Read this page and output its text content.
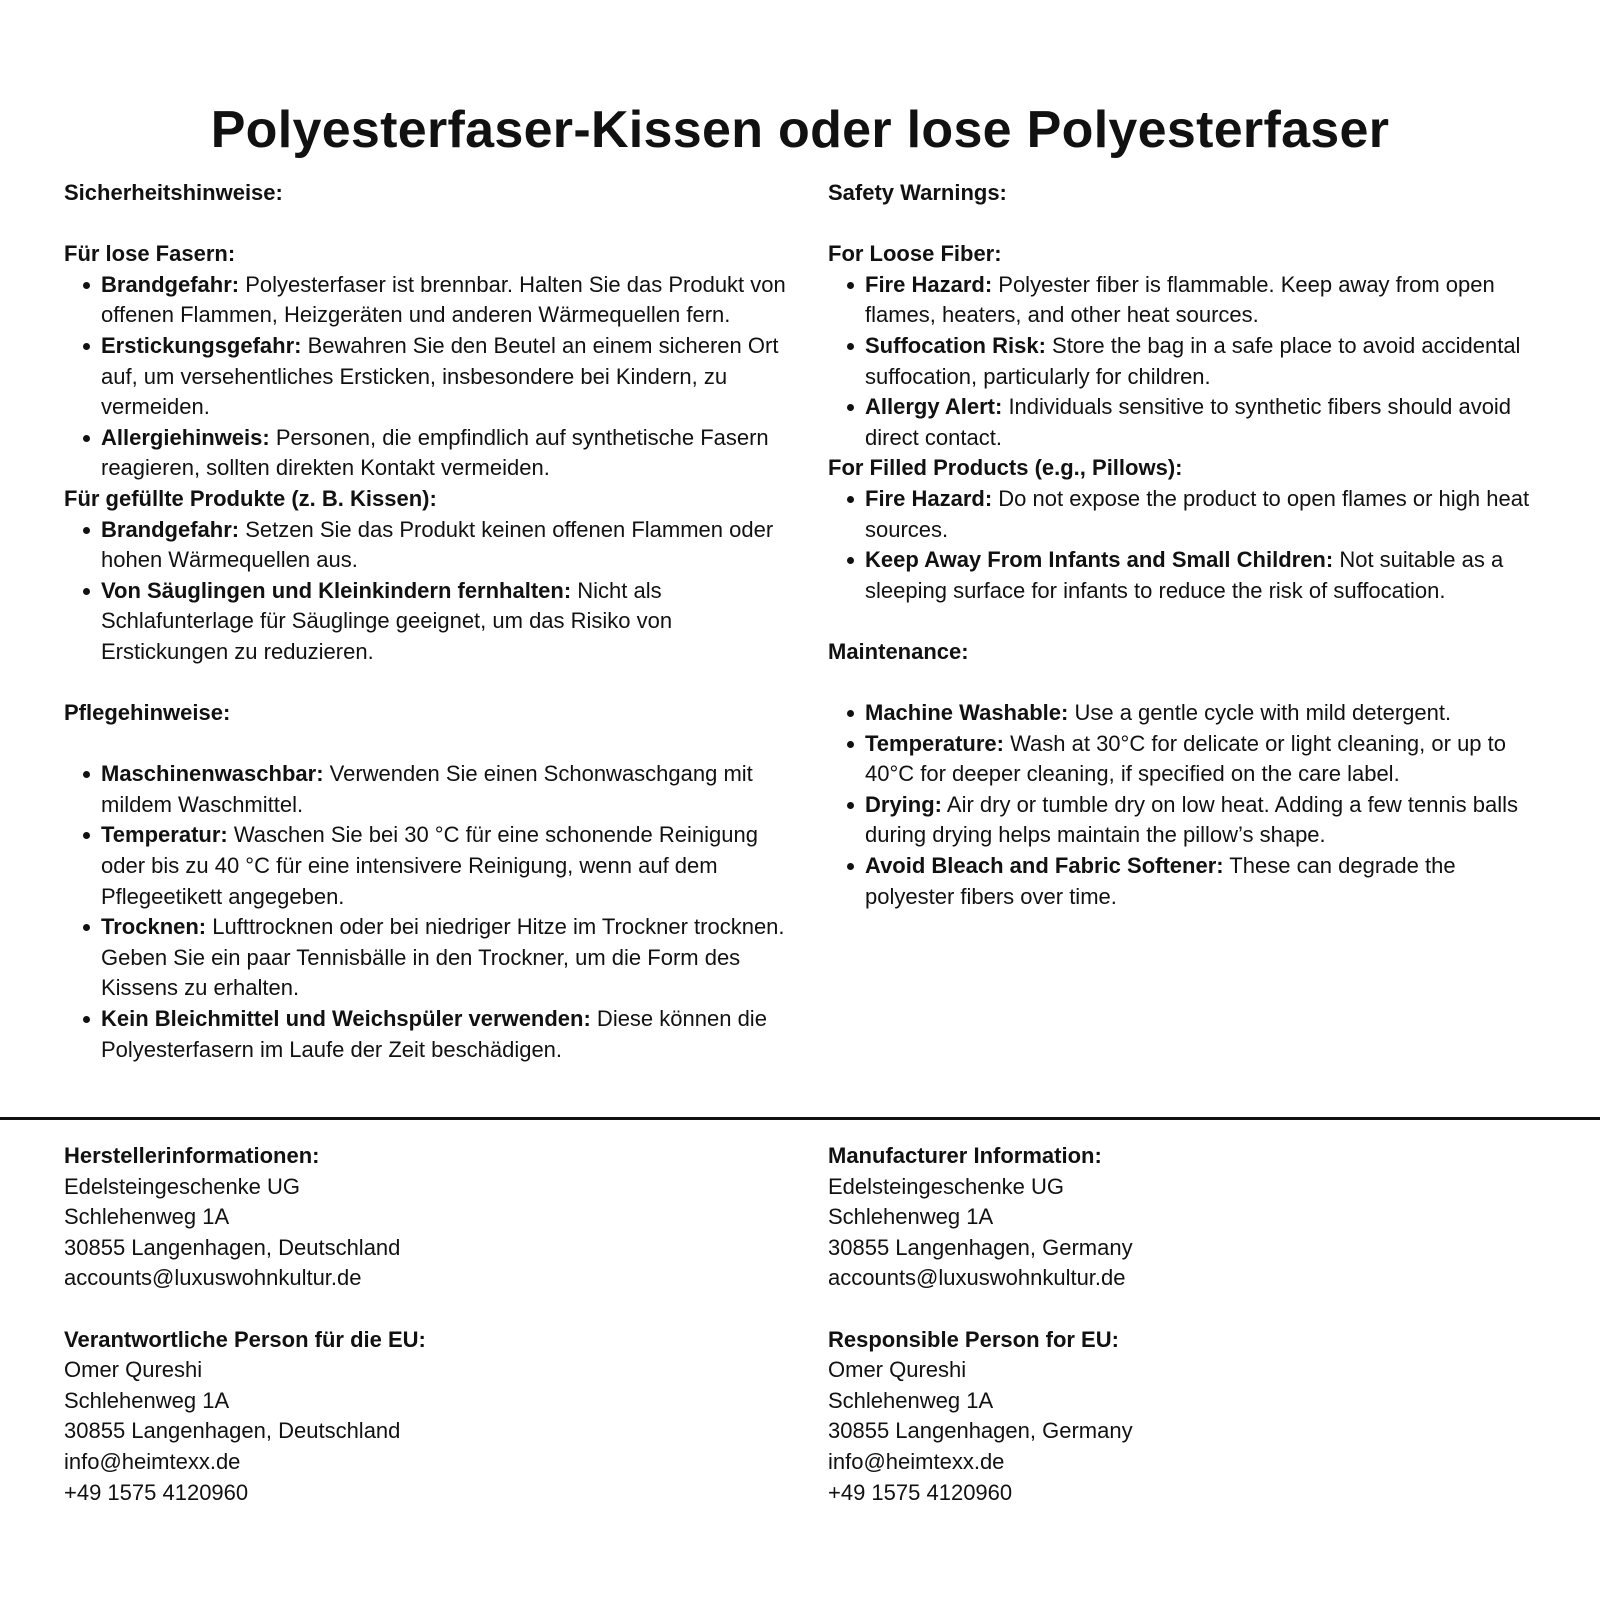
Polyesterfaser-Kissen oder lose Polyesterfaser
Sicherheitshinweise:
Für lose Fasern:
Brandgefahr: Polyesterfaser ist brennbar. Halten Sie das Produkt von offenen Flammen, Heizgeräten und anderen Wärmequellen fern.
Erstickungsgefahr: Bewahren Sie den Beutel an einem sicheren Ort auf, um versehentliches Ersticken, insbesondere bei Kindern, zu vermeiden.
Allergiehinweis: Personen, die empfindlich auf synthetische Fasern reagieren, sollten direkten Kontakt vermeiden.
Für gefüllte Produkte (z. B. Kissen):
Brandgefahr: Setzen Sie das Produkt keinen offenen Flammen oder hohen Wärmequellen aus.
Von Säuglingen und Kleinkindern fernhalten: Nicht als Schlafunterlage für Säuglinge geeignet, um das Risiko von Erstickungen zu reduzieren.
Pflegehinweise:
Maschinenwaschbar: Verwenden Sie einen Schonwaschgang mit mildem Waschmittel.
Temperatur: Waschen Sie bei 30 °C für eine schonende Reinigung oder bis zu 40 °C für eine intensivere Reinigung, wenn auf dem Pflegeetikett angegeben.
Trocknen: Lufttrocknen oder bei niedriger Hitze im Trockner trocknen. Geben Sie ein paar Tennisbälle in den Trockner, um die Form des Kissens zu erhalten.
Kein Bleichmittel und Weichspüler verwenden: Diese können die Polyesterfasern im Laufe der Zeit beschädigen.
Safety Warnings:
For Loose Fiber:
Fire Hazard: Polyester fiber is flammable. Keep away from open flames, heaters, and other heat sources.
Suffocation Risk: Store the bag in a safe place to avoid accidental suffocation, particularly for children.
Allergy Alert: Individuals sensitive to synthetic fibers should avoid direct contact.
For Filled Products (e.g., Pillows):
Fire Hazard: Do not expose the product to open flames or high heat sources.
Keep Away From Infants and Small Children: Not suitable as a sleeping surface for infants to reduce the risk of suffocation.
Maintenance:
Machine Washable: Use a gentle cycle with mild detergent.
Temperature: Wash at 30°C for delicate or light cleaning, or up to 40°C for deeper cleaning, if specified on the care label.
Drying: Air dry or tumble dry on low heat. Adding a few tennis balls during drying helps maintain the pillow’s shape.
Avoid Bleach and Fabric Softener: These can degrade the polyester fibers over time.
Herstellerinformationen:
Edelsteingeschenke UG
Schlehenweg 1A
30855 Langenhagen, Deutschland
accounts@luxuswohnkultur.de
Verantwortliche Person für die EU:
Omer Qureshi
Schlehenweg 1A
30855 Langenhagen, Deutschland
info@heimtexx.de
+49 1575 4120960
Manufacturer Information:
Edelsteingeschenke UG
Schlehenweg 1A
30855 Langenhagen, Germany
accounts@luxuswohnkultur.de
Responsible Person for EU:
Omer Qureshi
Schlehenweg 1A
30855 Langenhagen, Germany
info@heimtexx.de
+49 1575 4120960
